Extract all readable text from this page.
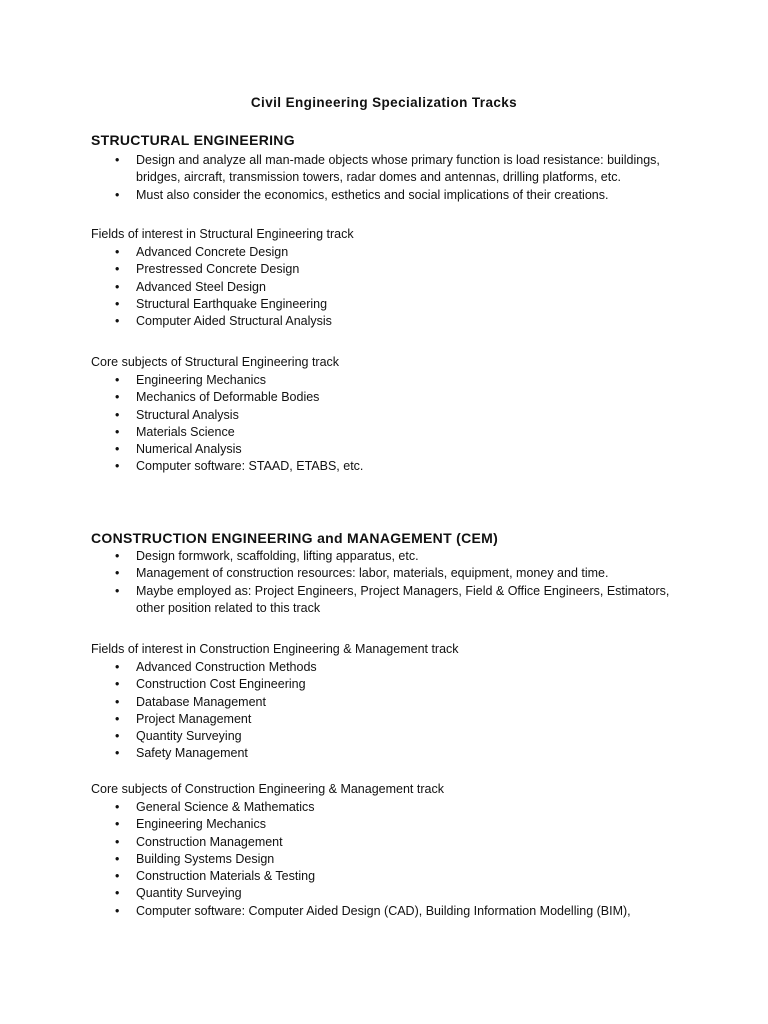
Civil Engineering Specialization Tracks
STRUCTURAL ENGINEERING
• Design and analyze all man-made objects whose primary function is load resistance: buildings,
bridges, aircraft, transmission towers, radar domes and antennas, drilling platforms, etc.
• Must also consider the economics, esthetics and social implications of their creations.
Fields of interest in Structural Engineering track
• Advanced Concrete Design
• Prestressed Concrete Design
• Advanced Steel Design
• Structural Earthquake Engineering
• Computer Aided Structural Analysis
Core subjects of Structural Engineering track
• Engineering Mechanics
• Mechanics of Deformable Bodies
• Structural Analysis
• Materials Science
• Numerical Analysis
• Computer software: STAAD, ETABS, etc.
CONSTRUCTION ENGINEERING and MANAGEMENT (CEM)
• Design formwork, scaffolding, lifting apparatus, etc.
• Management of construction resources: labor, materials, equipment, money and time.
• Maybe employed as: Project Engineers, Project Managers, Field & Office Engineers, Estimators,
other position related to this track
Fields of interest in Construction Engineering & Management track
• Advanced Construction Methods
• Construction Cost Engineering
• Database Management
• Project Management
• Quantity Surveying
• Safety Management
Core subjects of Construction Engineering & Management track
• General Science & Mathematics
• Engineering Mechanics
• Construction Management
• Building Systems Design
• Construction Materials & Testing
• Quantity Surveying
• Computer software: Computer Aided Design (CAD), Building Information Modelling (BIM),
